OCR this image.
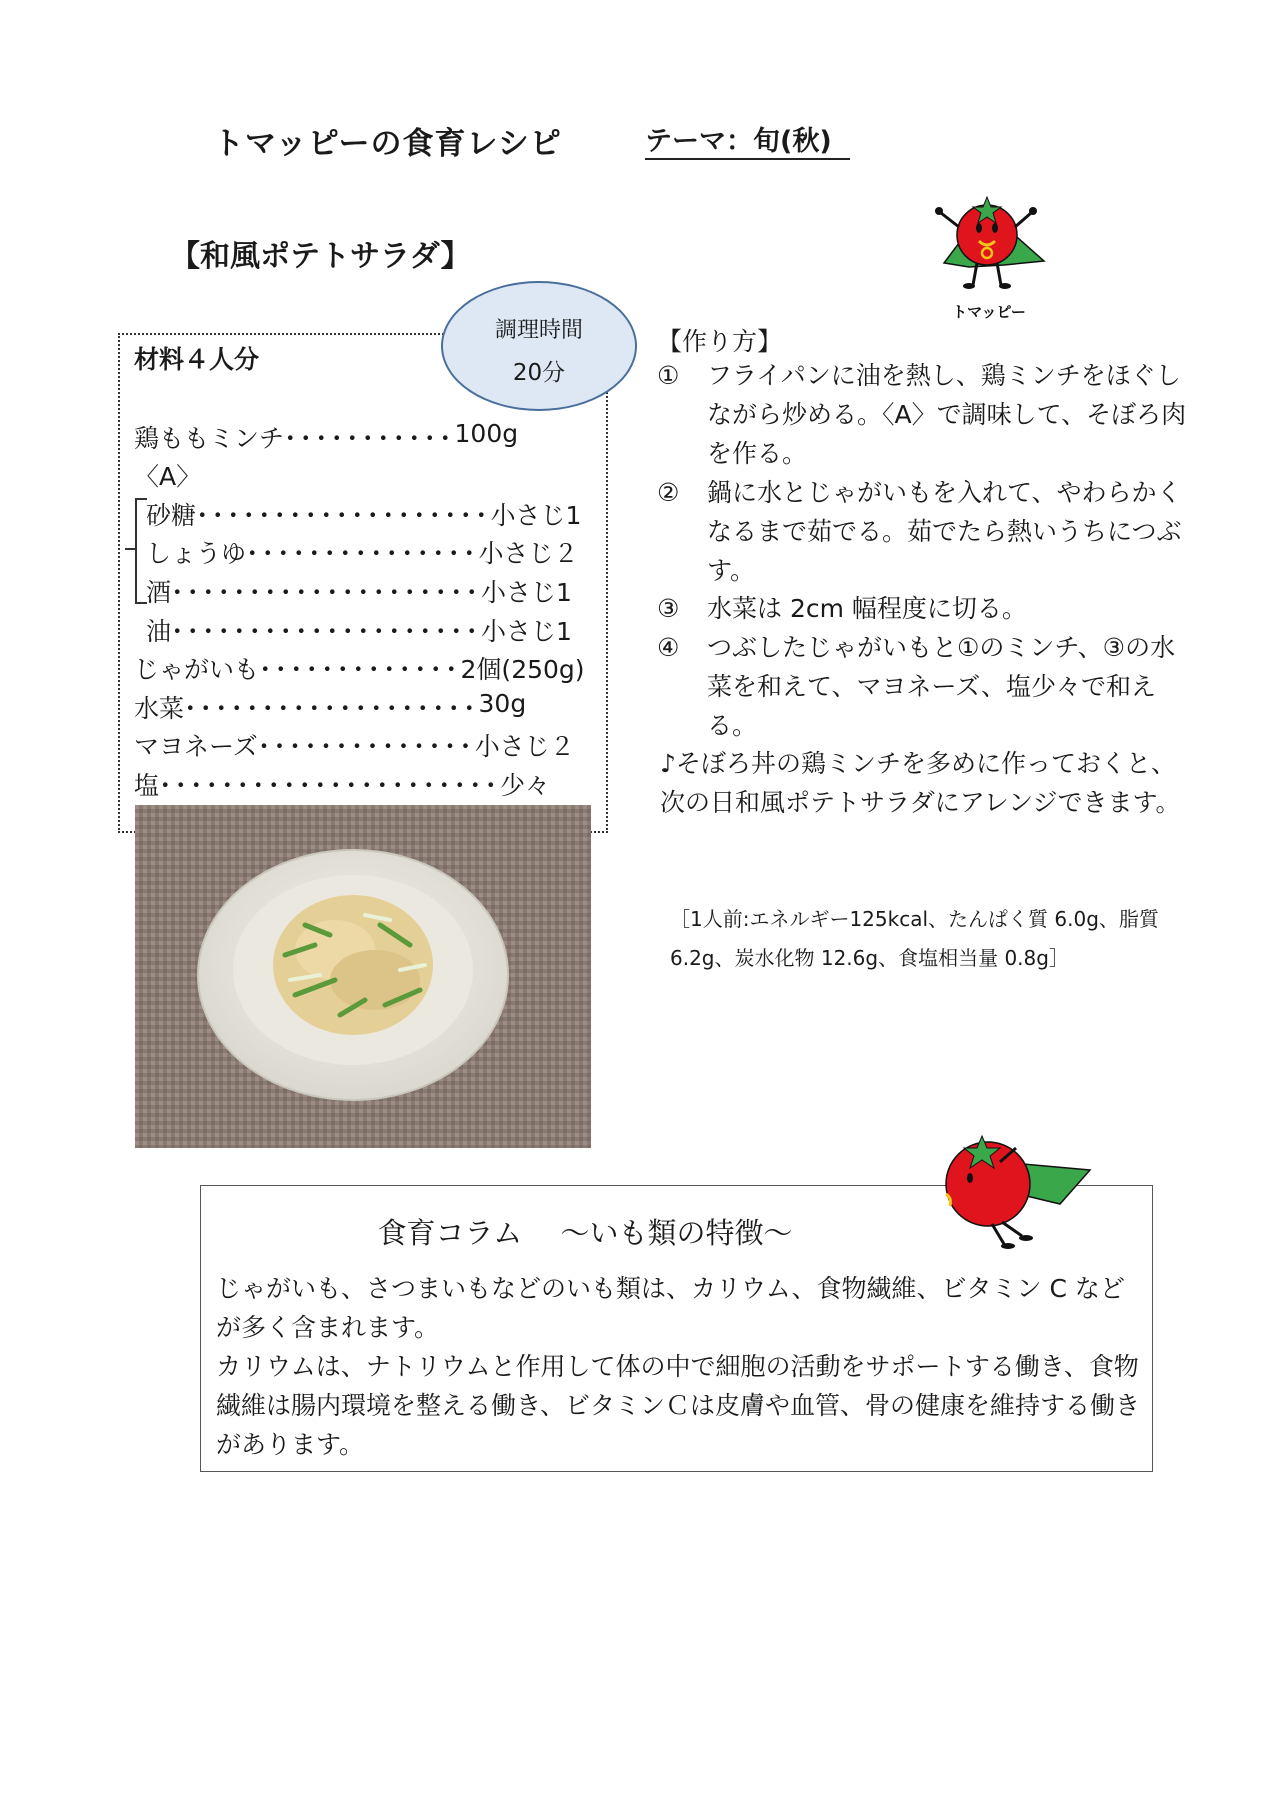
トマッピーの食育レシピ	テーマ：旬(秋)
【和風ポテトサラダ】
トマッピー
調理時間
20分
材料４人分
鶏ももミンチ ･･･････････ 100g
〈A〉
砂糖 ･･･････････････････ 小さじ1
しょうゆ ･･･････････････ 小さじ２
酒 ････････････････････ 小さじ1
油 ････････････････････ 小さじ1
じゃがいも ･････････････ 2個(250g)
水菜 ･･･････････････････ 30g
マヨネーズ ･･････････････ 小さじ２
塩 ･･････････････････････ 少々
【作り方】
① フライパンに油を熱し、鶏ミンチをほぐしながら炒める。〈A〉で調味して、そぼろ肉を作る。
② 鍋に水とじゃがいもを入れて、やわらかくなるまで茹でる。茹でたら熱いうちにつぶす。
③ 水菜は 2cm 幅程度に切る。
④ つぶしたじゃがいもと①のミンチ、③の水菜を和えて、マヨネーズ、塩少々で和える。
♪そぼろ丼の鶏ミンチを多めに作っておくと、次の日和風ポテトサラダにアレンジできます。
［1人前:エネルギー125kcal、たんぱく質 6.0g、脂質 6.2g、炭水化物 12.6g、食塩相当量 0.8g］
食育コラム　 ～いも類の特徴～
じゃがいも、さつまいもなどのいも類は、カリウム、食物繊維、ビタミン C などが多く含まれます。
カリウムは、ナトリウムと作用して体の中で細胞の活動をサポートする働き、食物繊維は腸内環境を整える働き、ビタミンＣは皮膚や血管、骨の健康を維持する働きがあります。
